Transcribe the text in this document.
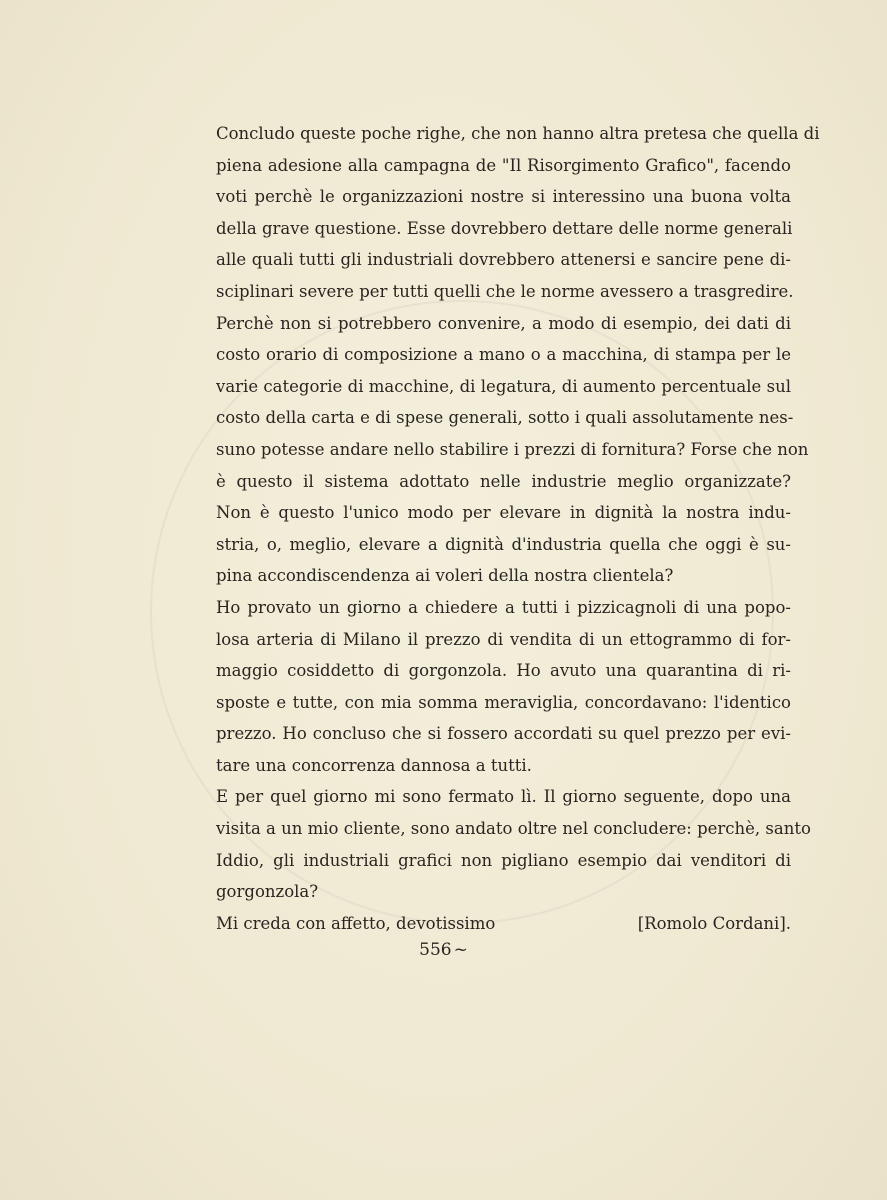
Concludo queste poche righe, che non hanno altra pretesa che quella di
piena adesione alla campagna de "Il Risorgimento Grafico", facendo
voti perchè le organizzazioni nostre si interessino una buona volta
della grave questione. Esse dovrebbero dettare delle norme generali
alle quali tutti gli industriali dovrebbero attenersi e sancire pene di-
sciplinari severe per tutti quelli che le norme avessero a trasgredire.
Perchè non si potrebbero convenire, a modo di esempio, dei dati di
costo orario di composizione a mano o a macchina, di stampa per le
varie categorie di macchine, di legatura, di aumento percentuale sul
costo della carta e di spese generali, sotto i quali assolutamente nes-
suno potesse andare nello stabilire i prezzi di fornitura? Forse che non
è questo il sistema adottato nelle industrie meglio organizzate?
Non è questo l'unico modo per elevare in dignità la nostra indu-
stria, o, meglio, elevare a dignità d'industria quella che oggi è su-
pina accondiscendenza ai voleri della nostra clientela?
Ho provato un giorno a chiedere a tutti i pizzicagnoli di una popo-
losa arteria di Milano il prezzo di vendita di un ettogrammo di for-
maggio cosiddetto di gorgonzola. Ho avuto una quarantina di ri-
sposte e tutte, con mia somma meraviglia, concordavano: l'identico
prezzo. Ho concluso che si fossero accordati su quel prezzo per evi-
tare una concorrenza dannosa a tutti.
E per quel giorno mi sono fermato lì. Il giorno seguente, dopo una
visita a un mio cliente, sono andato oltre nel concludere: perchè, santo
Iddio, gli industriali grafici non pigliano esempio dai venditori di
gorgonzola?
Mi creda con affetto, devotissimo	[Romolo Cordani].
556 ~
